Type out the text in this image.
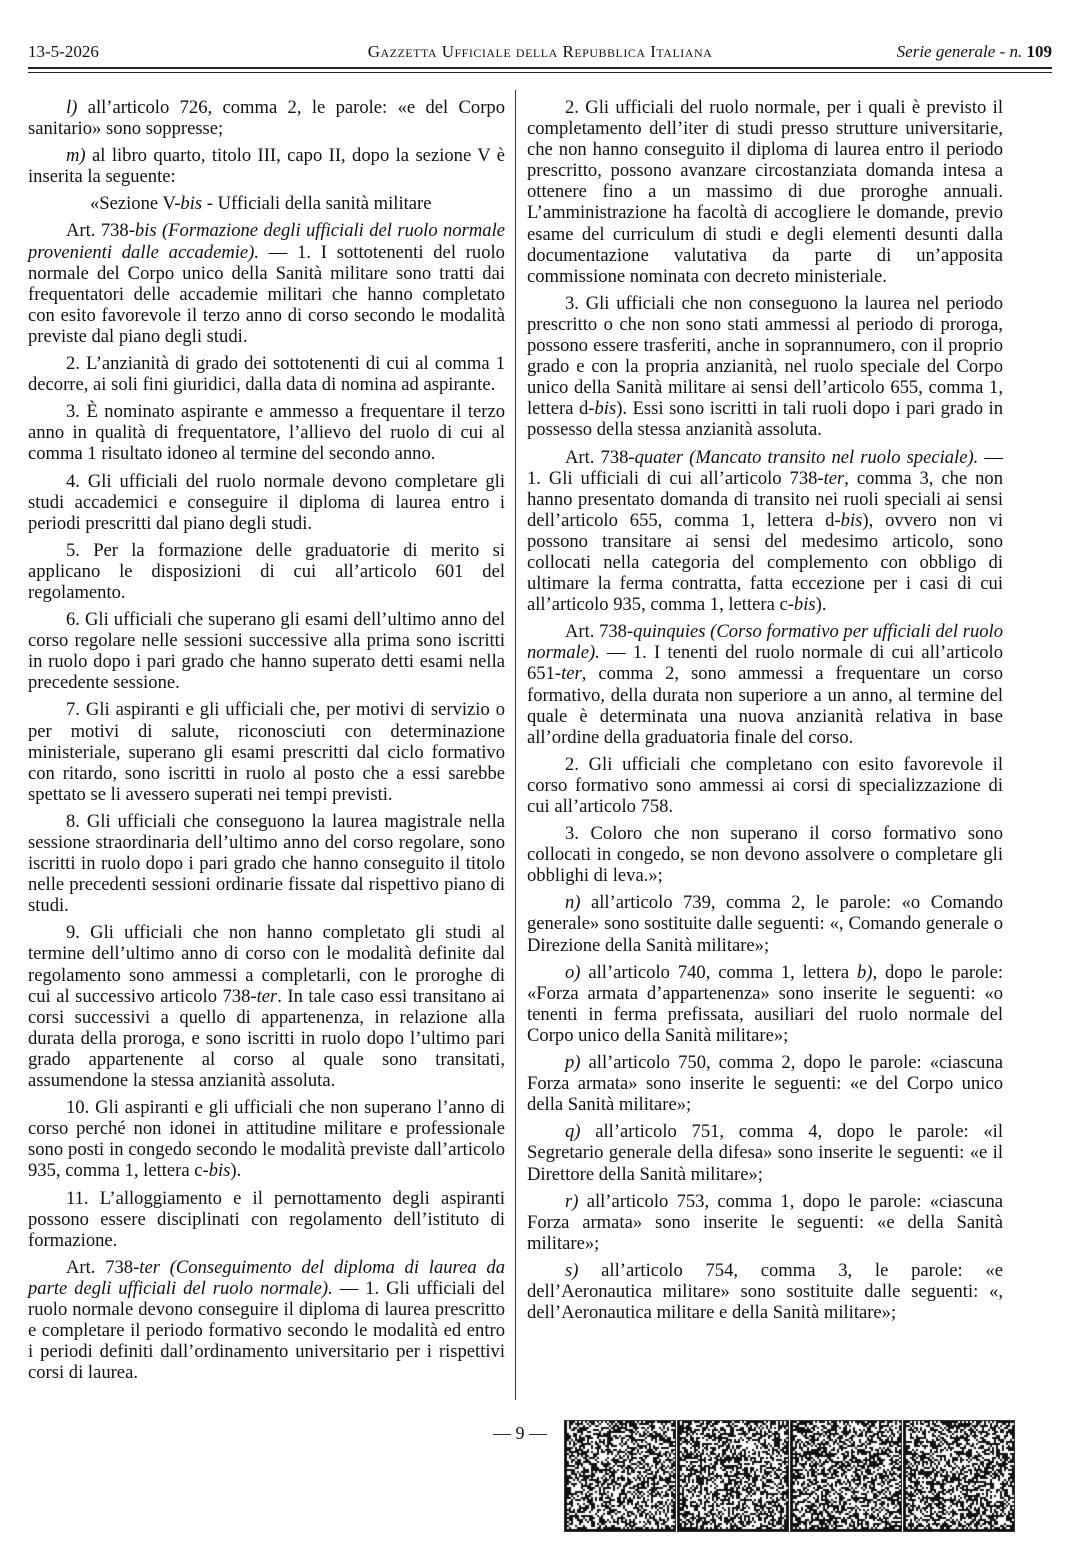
13-5-2026	Gazzetta Ufficiale della Repubblica Italiana	Serie generale - n. 109

l) all’articolo 726, comma 2, le parole: «e del Corpo sanitario» sono soppresse;

m) al libro quarto, titolo III, capo II, dopo la sezione V è inserita la seguente:

«Sezione V-bis - Ufficiali della sanità militare

Art. 738-bis (Formazione degli ufficiali del ruolo normale provenienti dalle accademie). — 1. I sottotenenti del ruolo normale del Corpo unico della Sanità militare sono tratti dai frequentatori delle accademie militari che hanno completato con esito favorevole il terzo anno di corso secondo le modalità previste dal piano degli studi.

2. L’anzianità di grado dei sottotenenti di cui al comma 1 decorre, ai soli fini giuridici, dalla data di nomina ad aspirante.

3. È nominato aspirante e ammesso a frequentare il terzo anno in qualità di frequentatore, l’allievo del ruolo di cui al comma 1 risultato idoneo al termine del secondo anno.

4. Gli ufficiali del ruolo normale devono completare gli studi accademici e conseguire il diploma di laurea entro i periodi prescritti dal piano degli studi.

5. Per la formazione delle graduatorie di merito si applicano le disposizioni di cui all’articolo 601 del regolamento.

6. Gli ufficiali che superano gli esami dell’ultimo anno del corso regolare nelle sessioni successive alla prima sono iscritti in ruolo dopo i pari grado che hanno superato detti esami nella precedente sessione.

7. Gli aspiranti e gli ufficiali che, per motivi di servizio o per motivi di salute, riconosciuti con determinazione ministeriale, superano gli esami prescritti dal ciclo formativo con ritardo, sono iscritti in ruolo al posto che a essi sarebbe spettato se li avessero superati nei tempi previsti.

8. Gli ufficiali che conseguono la laurea magistrale nella sessione straordinaria dell’ultimo anno del corso regolare, sono iscritti in ruolo dopo i pari grado che hanno conseguito il titolo nelle precedenti sessioni ordinarie fissate dal rispettivo piano di studi.

9. Gli ufficiali che non hanno completato gli studi al termine dell’ultimo anno di corso con le modalità definite dal regolamento sono ammessi a completarli, con le proroghe di cui al successivo articolo 738-ter. In tale caso essi transitano ai corsi successivi a quello di appartenenza, in relazione alla durata della proroga, e sono iscritti in ruolo dopo l’ultimo pari grado appartenente al corso al quale sono transitati, assumendone la stessa anzianità assoluta.

10. Gli aspiranti e gli ufficiali che non superano l’anno di corso perché non idonei in attitudine militare e professionale sono posti in congedo secondo le modalità previste dall’articolo 935, comma 1, lettera c-bis).

11. L’alloggiamento e il pernottamento degli aspiranti possono essere disciplinati con regolamento dell’istituto di formazione.

Art. 738-ter (Conseguimento del diploma di laurea da parte degli ufficiali del ruolo normale). — 1. Gli ufficiali del ruolo normale devono conseguire il diploma di laurea prescritto e completare il periodo formativo secondo le modalità ed entro i periodi definiti dall’ordinamento universitario per i rispettivi corsi di laurea.

2. Gli ufficiali del ruolo normale, per i quali è previsto il completamento dell’iter di studi presso strutture universitarie, che non hanno conseguito il diploma di laurea entro il periodo prescritto, possono avanzare circostanziata domanda intesa a ottenere fino a un massimo di due proroghe annuali. L’amministrazione ha facoltà di accogliere le domande, previo esame del curriculum di studi e degli elementi desunti dalla documentazione valutativa da parte di un’apposita commissione nominata con decreto ministeriale.

3. Gli ufficiali che non conseguono la laurea nel periodo prescritto o che non sono stati ammessi al periodo di proroga, possono essere trasferiti, anche in soprannumero, con il proprio grado e con la propria anzianità, nel ruolo speciale del Corpo unico della Sanità militare ai sensi dell’articolo 655, comma 1, lettera d-bis). Essi sono iscritti in tali ruoli dopo i pari grado in possesso della stessa anzianità assoluta.

Art. 738-quater (Mancato transito nel ruolo speciale). — 1. Gli ufficiali di cui all’articolo 738-ter, comma 3, che non hanno presentato domanda di transito nei ruoli speciali ai sensi dell’articolo 655, comma 1, lettera d-bis), ovvero non vi possono transitare ai sensi del medesimo articolo, sono collocati nella categoria del complemento con obbligo di ultimare la ferma contratta, fatta eccezione per i casi di cui all’articolo 935, comma 1, lettera c-bis).

Art. 738-quinquies (Corso formativo per ufficiali del ruolo normale). — 1. I tenenti del ruolo normale di cui all’articolo 651-ter, comma 2, sono ammessi a frequentare un corso formativo, della durata non superiore a un anno, al termine del quale è determinata una nuova anzianità relativa in base all’ordine della graduatoria finale del corso.

2. Gli ufficiali che completano con esito favorevole il corso formativo sono ammessi ai corsi di specializzazione di cui all’articolo 758.

3. Coloro che non superano il corso formativo sono collocati in congedo, se non devono assolvere o completare gli obblighi di leva.»;

n) all’articolo 739, comma 2, le parole: «o Comando generale» sono sostituite dalle seguenti: «, Comando generale o Direzione della Sanità militare»;

o) all’articolo 740, comma 1, lettera b), dopo le parole: «Forza armata d’appartenenza» sono inserite le seguenti: «o tenenti in ferma prefissata, ausiliari del ruolo normale del Corpo unico della Sanità militare»;

p) all’articolo 750, comma 2, dopo le parole: «ciascuna Forza armata» sono inserite le seguenti: «e del Corpo unico della Sanità militare»;

q) all’articolo 751, comma 4, dopo le parole: «il Segretario generale della difesa» sono inserite le seguenti: «e il Direttore della Sanità militare»;

r) all’articolo 753, comma 1, dopo le parole: «ciascuna Forza armata» sono inserite le seguenti: «e della Sanità militare»;

s) all’articolo 754, comma 3, le parole: «e dell’Aeronautica militare» sono sostituite dalle seguenti: «, dell’Aeronautica militare e della Sanità militare»;

— 9 —
